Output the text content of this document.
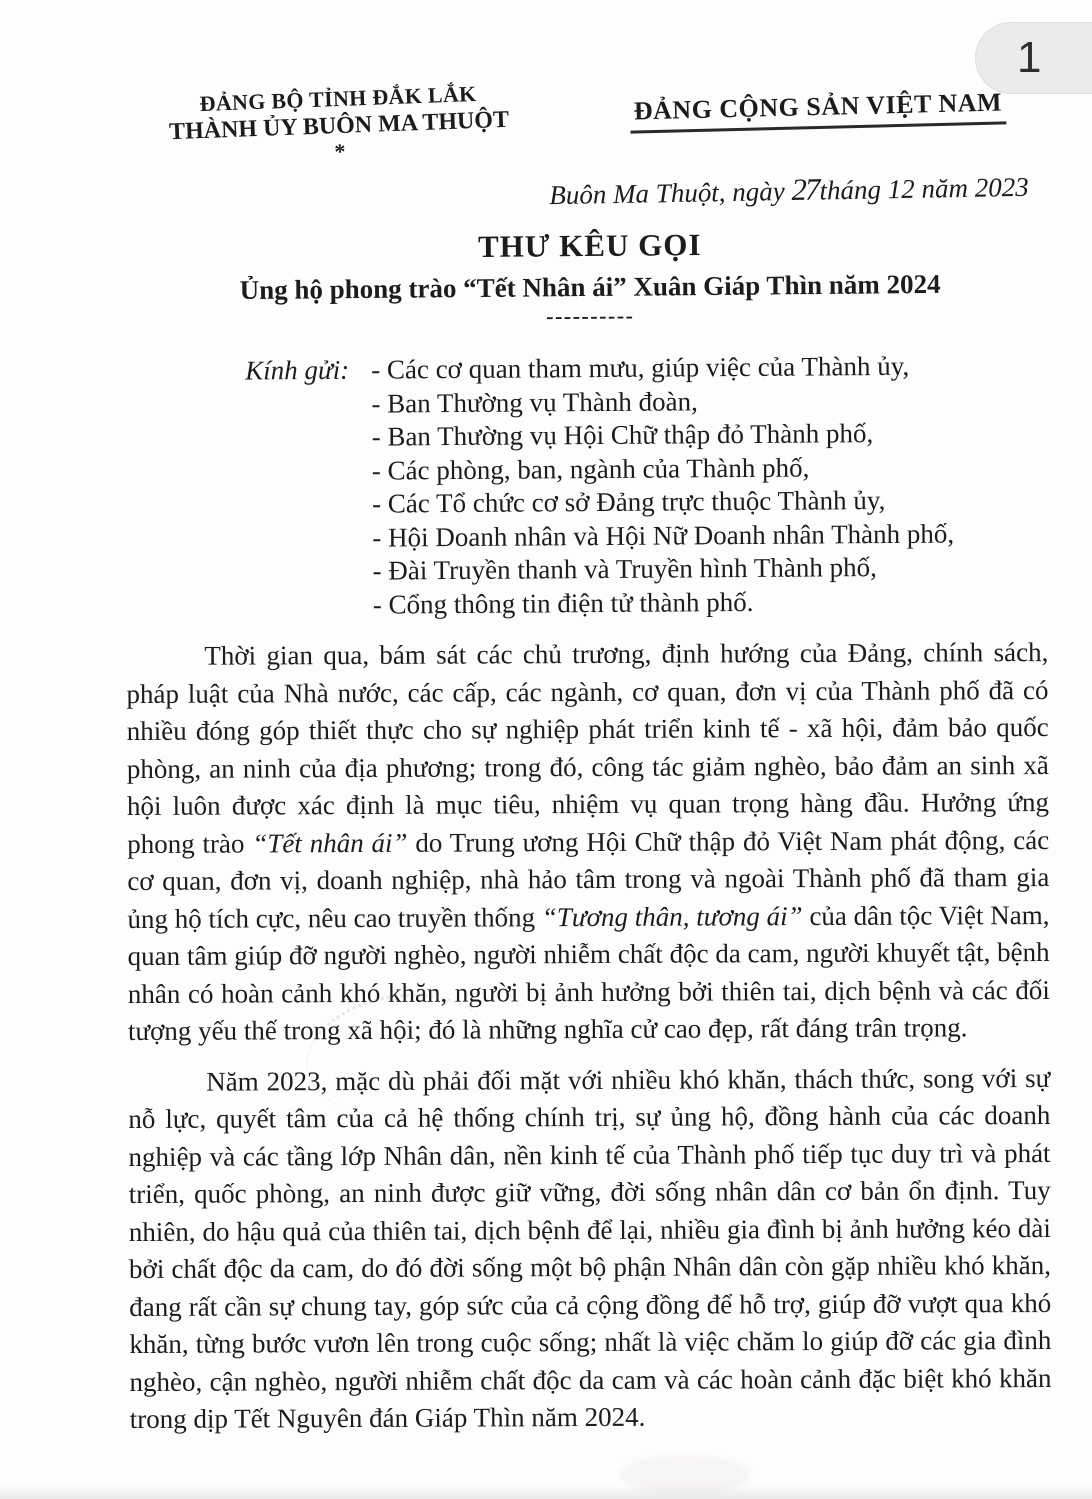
1
ĐẢNG BỘ TỈNH ĐẮK LẮK
THÀNH ỦY BUÔN MA THUỘT
*
ĐẢNG CỘNG SẢN VIỆT NAM
Buôn Ma Thuột, ngày 27tháng 12 năm 2023
THƯ KÊU GỌI
Ủng hộ phong trào “Tết Nhân ái” Xuân Giáp Thìn năm 2024
----------
Kính gửi: - Các cơ quan tham mưu, giúp việc của Thành ủy,
- Ban Thường vụ Thành đoàn,
- Ban Thường vụ Hội Chữ thập đỏ Thành phố,
- Các phòng, ban, ngành của Thành phố,
- Các Tổ chức cơ sở Đảng trực thuộc Thành ủy,
- Hội Doanh nhân và Hội Nữ Doanh nhân Thành phố,
- Đài Truyền thanh và Truyền hình Thành phố,
- Cổng thông tin điện tử thành phố.

Thời gian qua, bám sát các chủ trương, định hướng của Đảng, chính sách, pháp luật của Nhà nước, các cấp, các ngành, cơ quan, đơn vị của Thành phố đã có nhiều đóng góp thiết thực cho sự nghiệp phát triển kinh tế - xã hội, đảm bảo quốc phòng, an ninh của địa phương; trong đó, công tác giảm nghèo, bảo đảm an sinh xã hội luôn được xác định là mục tiêu, nhiệm vụ quan trọng hàng đầu. Hưởng ứng phong trào “Tết nhân ái” do Trung ương Hội Chữ thập đỏ Việt Nam phát động, các cơ quan, đơn vị, doanh nghiệp, nhà hảo tâm trong và ngoài Thành phố đã tham gia ủng hộ tích cực, nêu cao truyền thống “Tương thân, tương ái” của dân tộc Việt Nam, quan tâm giúp đỡ người nghèo, người nhiễm chất độc da cam, người khuyết tật, bệnh nhân có hoàn cảnh khó khăn, người bị ảnh hưởng bởi thiên tai, dịch bệnh và các đối tượng yếu thế trong xã hội; đó là những nghĩa cử cao đẹp, rất đáng trân trọng.

Năm 2023, mặc dù phải đối mặt với nhiều khó khăn, thách thức, song với sự nỗ lực, quyết tâm của cả hệ thống chính trị, sự ủng hộ, đồng hành của các doanh nghiệp và các tầng lớp Nhân dân, nền kinh tế của Thành phố tiếp tục duy trì và phát triển, quốc phòng, an ninh được giữ vững, đời sống nhân dân cơ bản ổn định. Tuy nhiên, do hậu quả của thiên tai, dịch bệnh để lại, nhiều gia đình bị ảnh hưởng kéo dài bởi chất độc da cam, do đó đời sống một bộ phận Nhân dân còn gặp nhiều khó khăn, đang rất cần sự chung tay, góp sức của cả cộng đồng để hỗ trợ, giúp đỡ vượt qua khó khăn, từng bước vươn lên trong cuộc sống; nhất là việc chăm lo giúp đỡ các gia đình nghèo, cận nghèo, người nhiễm chất độc da cam và các hoàn cảnh đặc biệt khó khăn trong dịp Tết Nguyên đán Giáp Thìn năm 2024.
